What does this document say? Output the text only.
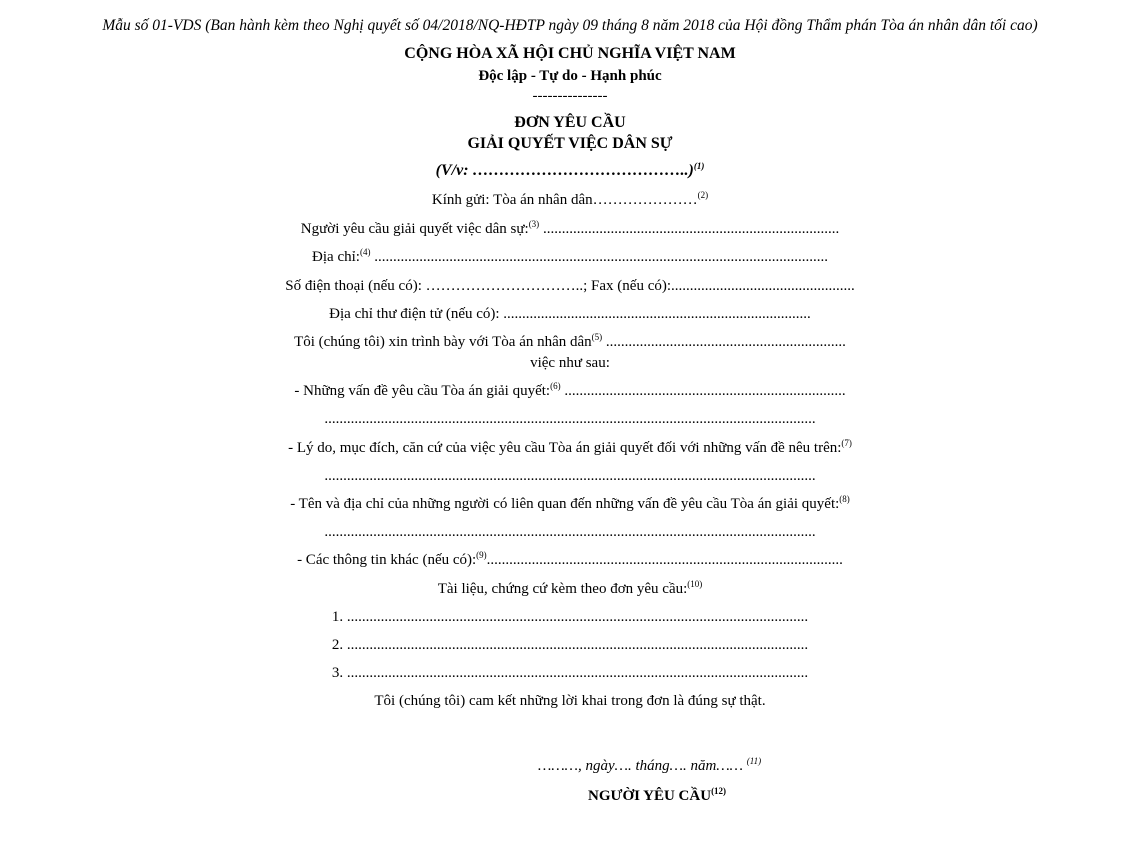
Mẫu số 01-VDS (Ban hành kèm theo Nghị quyết số 04/2018/NQ-HĐTP ngày 09 tháng 8 năm 2018 của Hội đồng Thẩm phán Tòa án nhân dân tối cao)
CỘNG HÒA XÃ HỘI CHỦ NGHĨA VIỆT NAM
Độc lập - Tự do - Hạnh phúc
---------------
ĐƠN YÊU CẦU
GIẢI QUYẾT VIỆC DÂN SỰ
(V/v: …………………………………..)$^{(1)}$
Kính gửi: Tòa án nhân dân…………………$^{(2)}$
Người yêu cầu giải quyết việc dân sự:$^{(3)}$ ...............................................................................
Địa chỉ:$^{(4)}$ .........................................................................................................................
Số điện thoại (nếu có): …………………………..; Fax (nếu có):.................................................
Địa chỉ thư điện tử (nếu có): ..................................................................................
Tôi (chúng tôi) xin trình bày với Tòa án nhân dân$^{(5)}$ ................................................................
việc như sau:
- Những vấn đề yêu cầu Tòa án giải quyết:$^{(6)}$ ...........................................................................
...................................................................................................................................
- Lý do, mục đích, căn cứ của việc yêu cầu Tòa án giải quyết đối với những vấn đề nêu trên:$^{(7)}$
...................................................................................................................................
- Tên và địa chỉ của những người có liên quan đến những vấn đề yêu cầu Tòa án giải quyết:$^{(8)}$
...................................................................................................................................
- Các thông tin khác (nếu có):$^{(9)}$...............................................................................................
Tài liệu, chứng cứ kèm theo đơn yêu cầu:$^{(10)}$
1. ...........................................................................................................................
2. ...........................................................................................................................
3. ...........................................................................................................................
Tôi (chúng tôi) cam kết những lời khai trong đơn là đúng sự thật.
………, ngày…. tháng…. năm…… $^{(11)}$
NGƯỜI YÊU CẦU$^{(12)}$
